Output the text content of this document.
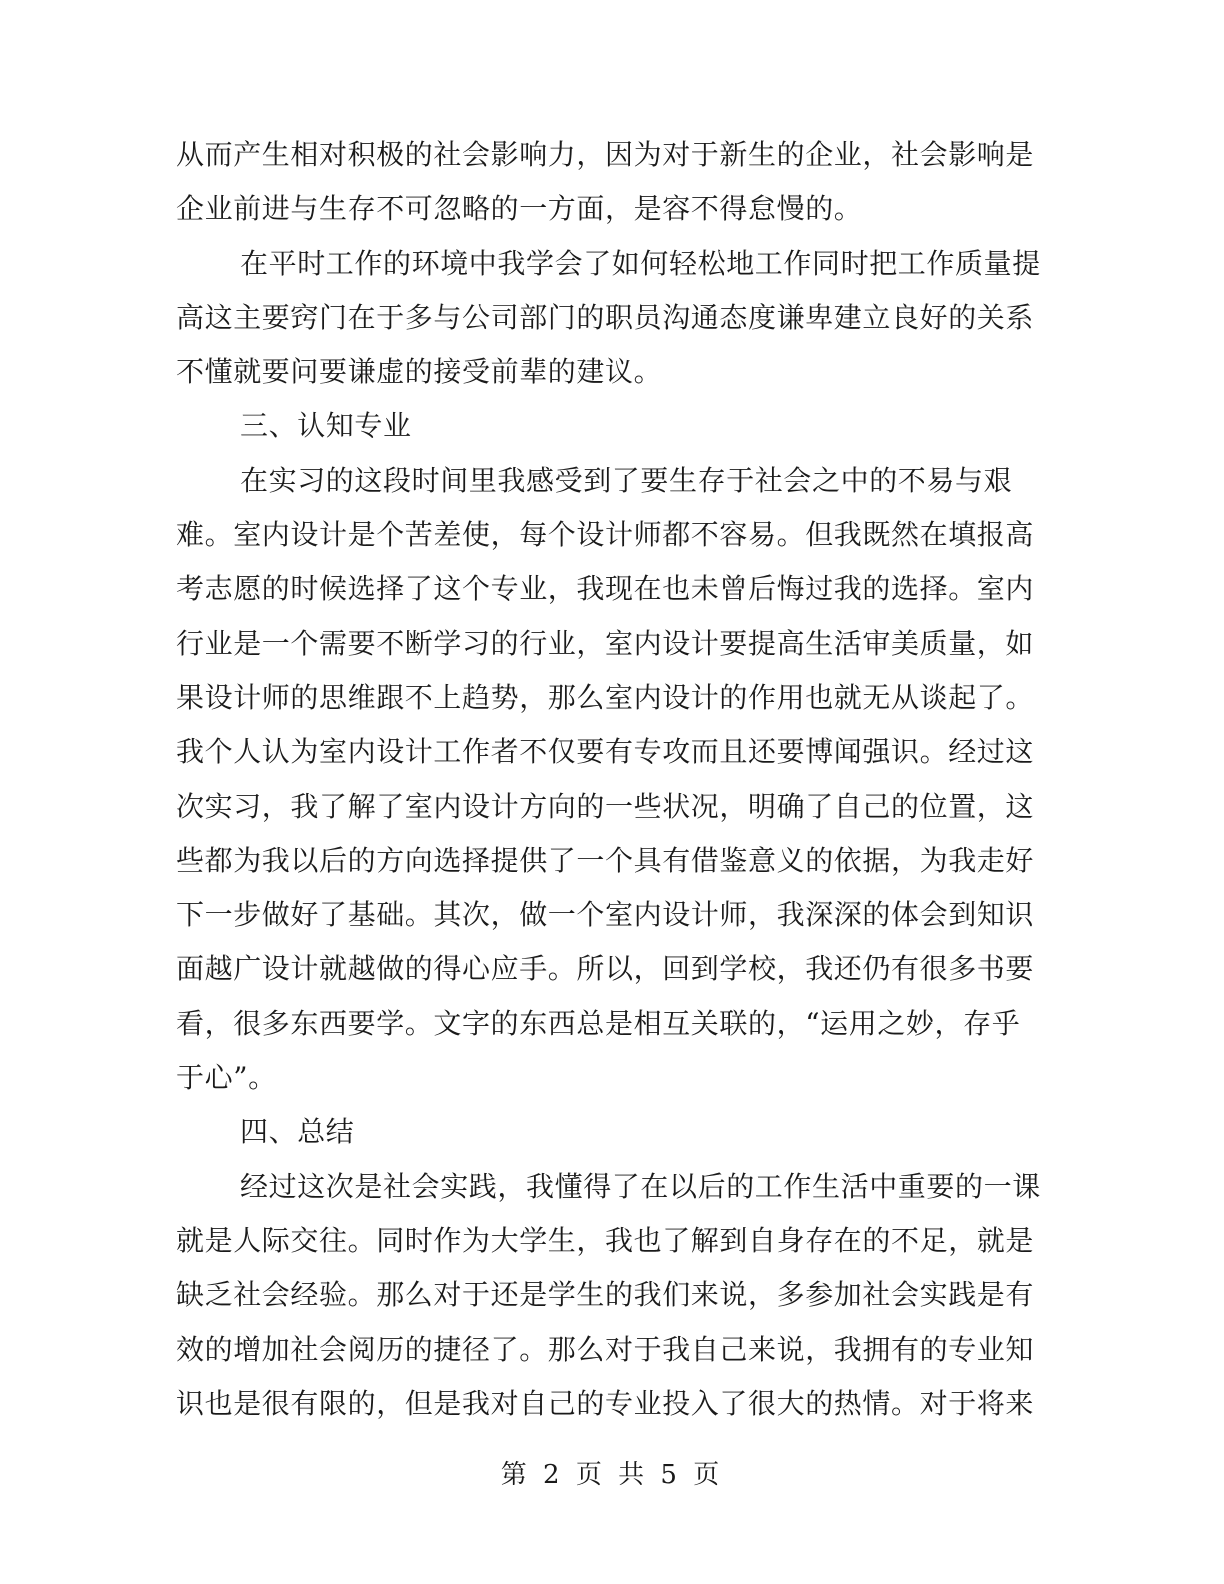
从而产生相对积极的社会影响力，因为对于新生的企业，社会影响是
企业前进与生存不可忽略的一方面，是容不得怠慢的。
在平时工作的环境中我学会了如何轻松地工作同时把工作质量提
高这主要窍门在于多与公司部门的职员沟通态度谦卑建立良好的关系
不懂就要问要谦虚的接受前辈的建议。
三、认知专业
在实习的这段时间里我感受到了要生存于社会之中的不易与艰
难。室内设计是个苦差使，每个设计师都不容易。但我既然在填报高
考志愿的时候选择了这个专业，我现在也未曾后悔过我的选择。室内
行业是一个需要不断学习的行业，室内设计要提高生活审美质量，如
果设计师的思维跟不上趋势，那么室内设计的作用也就无从谈起了。
我个人认为室内设计工作者不仅要有专攻而且还要博闻强识。经过这
次实习，我了解了室内设计方向的一些状况，明确了自己的位置，这
些都为我以后的方向选择提供了一个具有借鉴意义的依据，为我走好
下一步做好了基础。其次，做一个室内设计师，我深深的体会到知识
面越广设计就越做的得心应手。所以，回到学校，我还仍有很多书要
看，很多东西要学。文字的东西总是相互关联的，“运用之妙，存乎
于心”。
四、总结
经过这次是社会实践，我懂得了在以后的工作生活中重要的一课
就是人际交往。同时作为大学生，我也了解到自身存在的不足，就是
缺乏社会经验。那么对于还是学生的我们来说，多参加社会实践是有
效的增加社会阅历的捷径了。那么对于我自己来说，我拥有的专业知
识也是很有限的，但是我对自己的专业投入了很大的热情。对于将来
第 2 页 共 5 页
